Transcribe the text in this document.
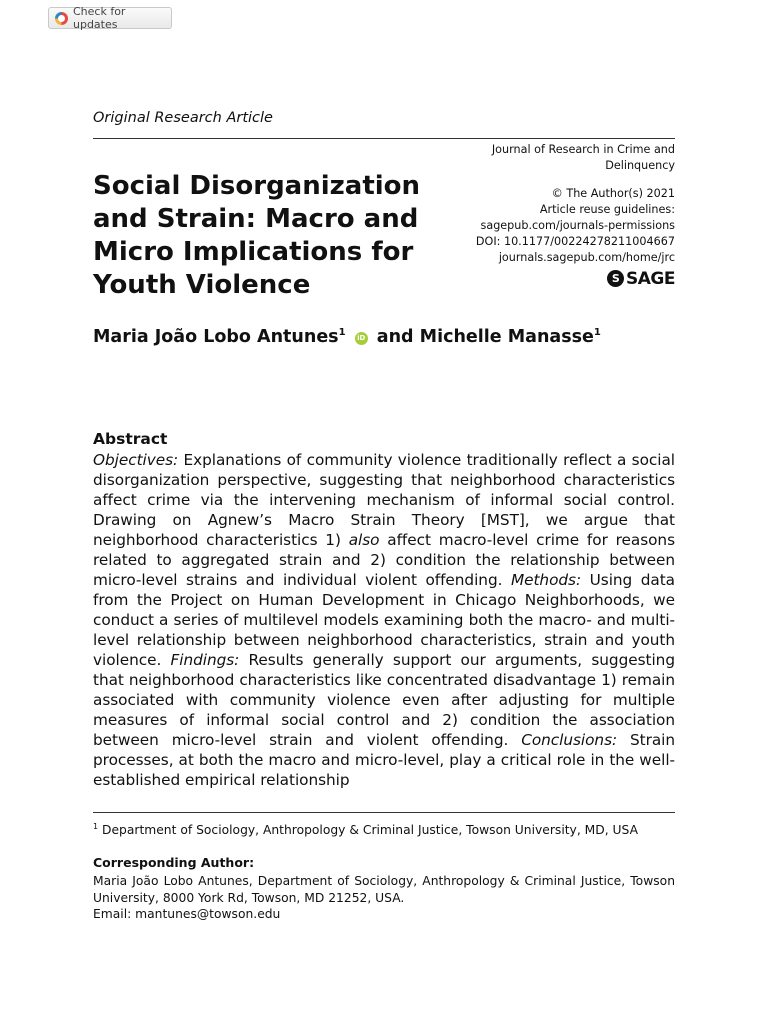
Check for updates
Original Research Article
Social Disorganization and Strain: Macro and Micro Implications for Youth Violence
Journal of Research in Crime and Delinquency
© The Author(s) 2021
Article reuse guidelines:
sagepub.com/journals-permissions
DOI: 10.1177/00224278211004667
journals.sagepub.com/home/jrc
S SAGE
Maria João Lobo Antunes$^1$ iD and Michelle Manasse$^1$
Abstract

Objectives: Explanations of community violence traditionally reflect a social disorganization perspective, suggesting that neighborhood characteristics affect crime via the intervening mechanism of informal social control. Drawing on Agnew’s Macro Strain Theory [MST], we argue that neighborhood characteristics 1) also affect macro-level crime for reasons related to aggregated strain and 2) condition the relationship between micro-level strains and individual violent offending. Methods: Using data from the Project on Human Development in Chicago Neighborhoods, we conduct a series of multilevel models examining both the macro- and multi-level relationship between neighborhood characteristics, strain and youth violence. Findings: Results generally support our arguments, suggesting that neighborhood characteristics like concentrated disadvantage 1) remain associated with community violence even after adjusting for multiple measures of informal social control and 2) condition the association between micro-level strain and violent offending. Conclusions: Strain processes, at both the macro and micro-level, play a critical role in the well-established empirical relationship

$^1$ Department of Sociology, Anthropology & Criminal Justice, Towson University, MD, USA
Corresponding Author:
Maria João Lobo Antunes, Department of Sociology, Anthropology & Criminal Justice, Towson University, 8000 York Rd, Towson, MD 21252, USA.
Email: mantunes@towson.edu
